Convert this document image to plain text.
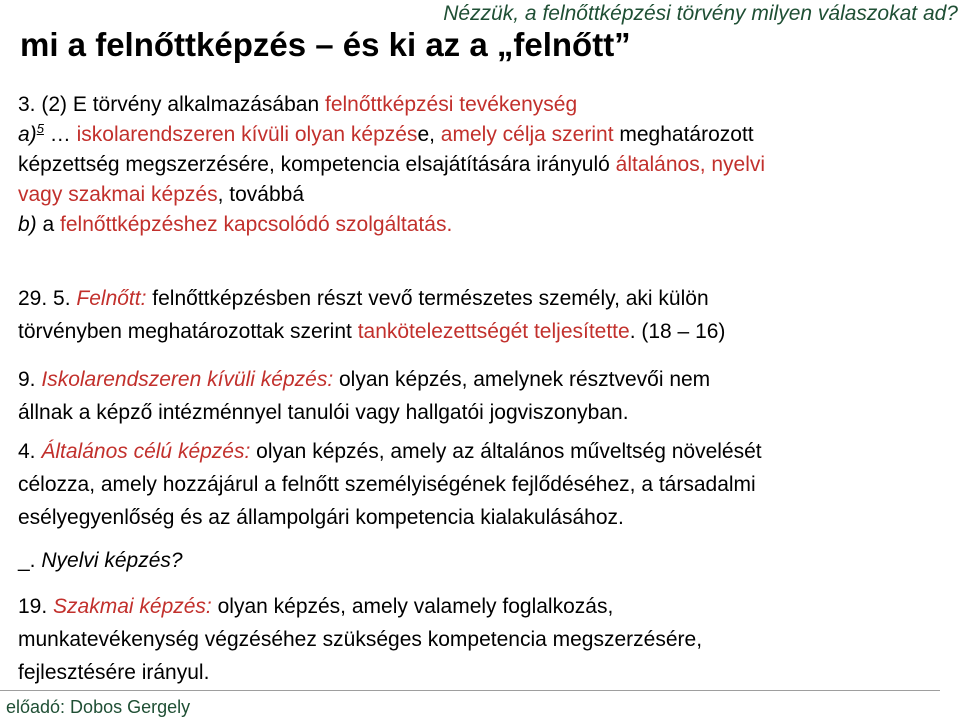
Nézzük, a felnőttképzési törvény milyen válaszokat ad?
mi a felnőttképzés – és ki az a „felnőtt”
3. (2) E törvény alkalmazásában felnőttképzési tevékenység
a)$^5$ … iskolarendszeren kívüli olyan képzése, amely célja szerint meghatározott
képzettség megszerzésére, kompetencia elsajátítására irányuló általános, nyelvi
vagy szakmai képzés, továbbá
b) a felnőttképzéshez kapcsolódó szolgáltatás.
29. 5. Felnőtt: felnőttképzésben részt vevő természetes személy, aki külön
törvényben meghatározottak szerint tankötelezettségét teljesítette. (18 – 16)
9. Iskolarendszeren kívüli képzés: olyan képzés, amelynek résztvevői nem
állnak a képző intézménnyel tanulói vagy hallgatói jogviszonyban.
4. Általános célú képzés: olyan képzés, amely az általános műveltség növelését
célozza, amely hozzájárul a felnőtt személyiségének fejlődéséhez, a társadalmi
esélyegyenlőség és az állampolgári kompetencia kialakulásához.
_. Nyelvi képzés?
19. Szakmai képzés: olyan képzés, amely valamely foglalkozás,
munkatevékenység végzéséhez szükséges kompetencia megszerzésére,
fejlesztésére irányul.
előadó: Dobos Gergely
